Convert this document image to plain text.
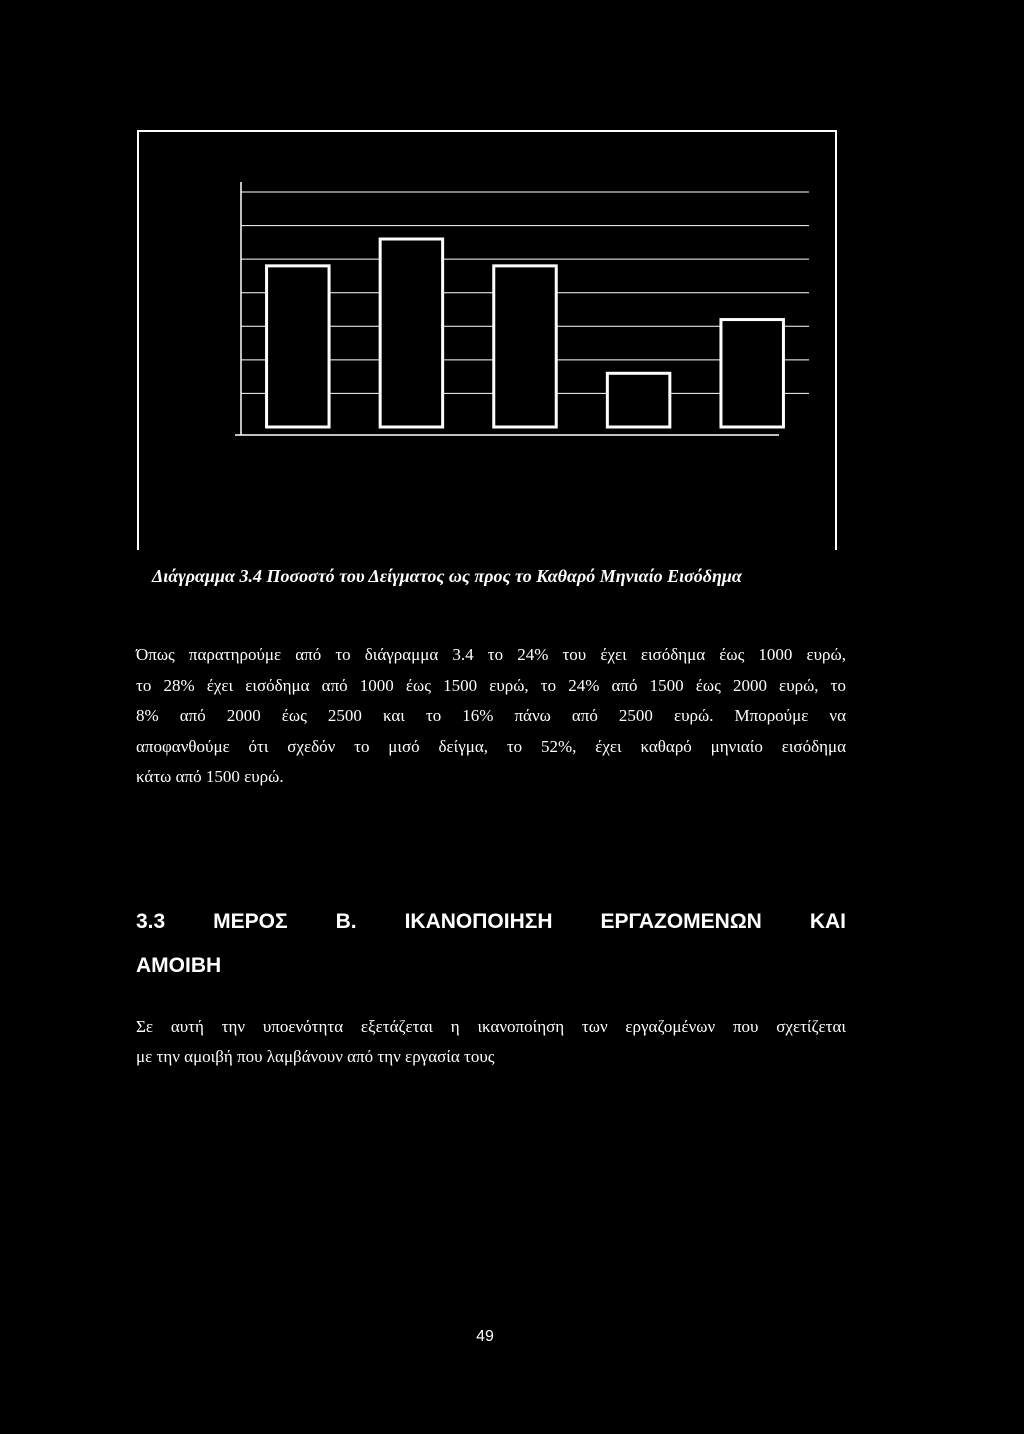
Διάγραμμα 3.4 Ποσοστό του Δείγματος ως προς το Καθαρό Μηνιαίο Εισόδημα
Όπως παρατηρούμε από το διάγραμμα 3.4 το 24% του έχει εισόδημα έως 1000 ευρώ,
το 28% έχει εισόδημα από 1000 έως 1500 ευρώ, το 24% από 1500 έως 2000 ευρώ, το
8% από 2000 έως 2500 και το 16% πάνω από 2500 ευρώ. Μπορούμε να
αποφανθούμε ότι σχεδόν το μισό δείγμα, το 52%, έχει καθαρό μηνιαίο εισόδημα
κάτω από 1500 ευρώ.
3.3 ΜΕΡΟΣ Β. ΙΚΑΝΟΠΟΙΗΣΗ ΕΡΓΑΖΟΜΕΝΩΝ ΚΑΙ
ΑΜΟΙΒΗ
Σε αυτή την υποενότητα εξετάζεται η ικανοποίηση των εργαζομένων που σχετίζεται
με την αμοιβή που λαμβάνουν από την εργασία τους
49
